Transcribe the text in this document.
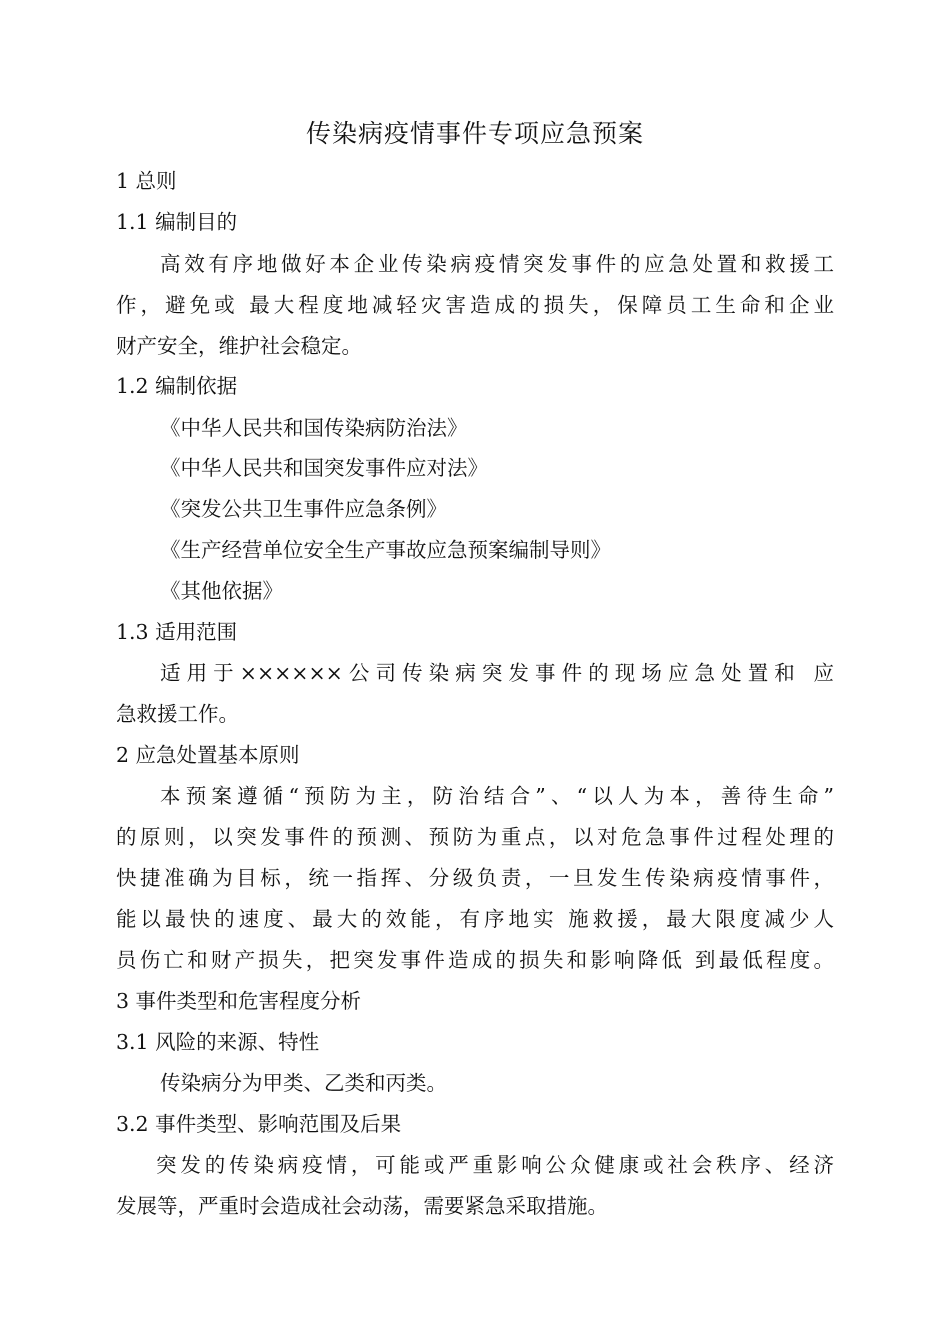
传染病疫情事件专项应急预案
1 总则
1.1 编制目的
高效有序地做好本企业传染病疫情突发事件的应急处置和救援工
作，避免或 最大程度地减轻灾害造成的损失，保障员工生命和企业
财产安全，维护社会稳定。
1.2 编制依据
《中华人民共和国传染病防治法》
《中华人民共和国突发事件应对法》
《突发公共卫生事件应急条例》
《生产经营单位安全生产事故应急预案编制导则》
《其他依据》
1.3 适用范围
适用于××××××公司传染病突发事件的现场应急处置和 应
急救援工作。
2 应急处置基本原则
本预案遵循“预防为主，防治结合”、“以人为本，善待生命”
的原则，以突发事件的预测、预防为重点，以对危急事件过程处理的
快捷准确为目标，统一指挥、分级负责，一旦发生传染病疫情事件，
能以最快的速度、最大的效能，有序地实 施救援，最大限度减少人
员伤亡和财产损失，把突发事件造成的损失和影响降低 到最低程度。
3 事件类型和危害程度分析
3.1 风险的来源、特性
传染病分为甲类、乙类和丙类。
3.2 事件类型、影响范围及后果
突发的传染病疫情，可能或严重影响公众健康或社会秩序、经济
发展等，严重时会造成社会动荡，需要紧急采取措施。
